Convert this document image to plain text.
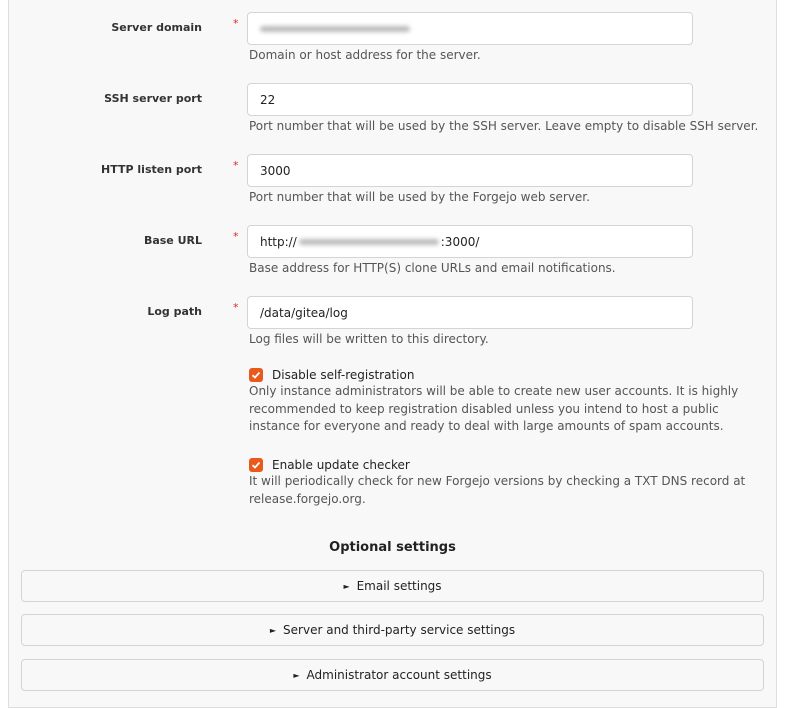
Server domain	*
Domain or host address for the server.
SSH server port	22
Port number that will be used by the SSH server. Leave empty to disable SSH server.
HTTP listen port	*	3000
Port number that will be used by the Forgejo web server.
Base URL	* http://	:3000/
Base address for HTTP(S) clone URLs and email notifications.
Log path	*	/data/gitea/log
Log files will be written to this directory.
Disable self-registration
Only instance administrators will be able to create new user accounts. It is highly recommended to keep registration disabled unless you intend to host a public instance for everyone and ready to deal with large amounts of spam accounts.
Enable update checker
It will periodically check for new Forgejo versions by checking a TXT DNS record at release.forgejo.org.
Optional settings
► Email settings
► Server and third-party service settings
► Administrator account settings
